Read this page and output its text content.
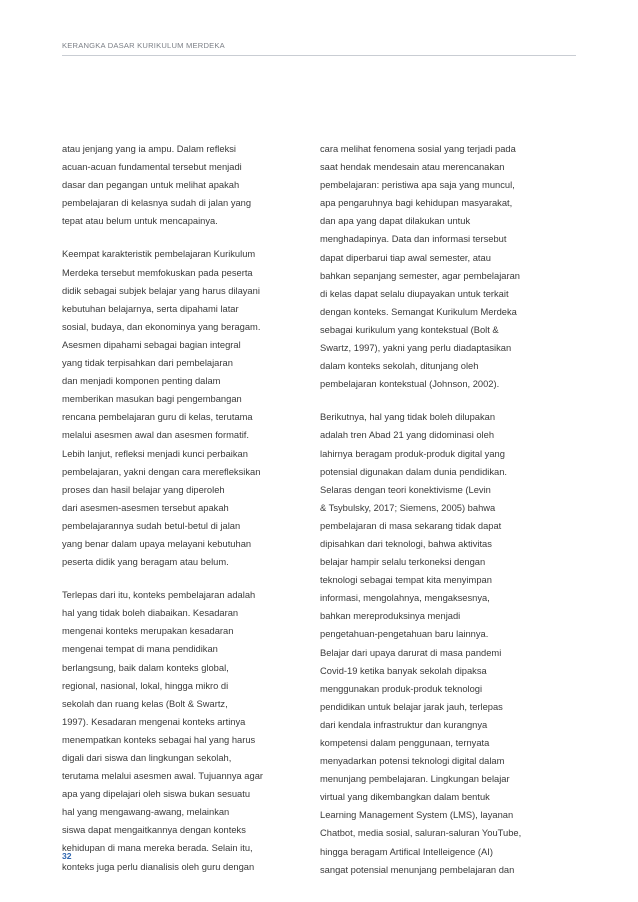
KERANGKA DASAR KURIKULUM MERDEKA
atau jenjang yang ia ampu. Dalam refleksi
acuan-acuan fundamental tersebut menjadi
dasar dan pegangan untuk melihat apakah
pembelajaran di kelasnya sudah di jalan yang
tepat atau belum untuk mencapainya.
Keempat karakteristik pembelajaran Kurikulum
Merdeka tersebut memfokuskan pada peserta
didik sebagai subjek belajar yang harus dilayani
kebutuhan belajarnya, serta dipahami latar
sosial, budaya, dan ekonominya yang beragam.
Asesmen dipahami sebagai bagian integral
yang tidak terpisahkan dari pembelajaran
dan menjadi komponen penting dalam
memberikan masukan bagi pengembangan
rencana pembelajaran guru di kelas, terutama
melalui asesmen awal dan asesmen formatif.
Lebih lanjut, refleksi menjadi kunci perbaikan
pembelajaran, yakni dengan cara merefleksikan
proses dan hasil belajar yang diperoleh
dari asesmen-asesmen tersebut apakah
pembelajarannya sudah betul-betul di jalan
yang benar dalam upaya melayani kebutuhan
peserta didik yang beragam atau belum.
Terlepas dari itu, konteks pembelajaran adalah
hal yang tidak boleh diabaikan. Kesadaran
mengenai konteks merupakan kesadaran
mengenai tempat di mana pendidikan
berlangsung, baik dalam konteks global,
regional, nasional, lokal, hingga mikro di
sekolah dan ruang kelas (Bolt & Swartz,
1997). Kesadaran mengenai konteks artinya
menempatkan konteks sebagai hal yang harus
digali dari siswa dan lingkungan sekolah,
terutama melalui asesmen awal. Tujuannya agar
apa yang dipelajari oleh siswa bukan sesuatu
hal yang mengawang-awang, melainkan
siswa dapat mengaitkannya dengan konteks
kehidupan di mana mereka berada. Selain itu,
konteks juga perlu dianalisis oleh guru dengan
cara melihat fenomena sosial yang terjadi pada
saat hendak mendesain atau merencanakan
pembelajaran: peristiwa apa saja yang muncul,
apa pengaruhnya bagi kehidupan masyarakat,
dan apa yang dapat dilakukan untuk
menghadapinya. Data dan informasi tersebut
dapat diperbarui tiap awal semester, atau
bahkan sepanjang semester, agar pembelajaran
di kelas dapat selalu diupayakan untuk terkait
dengan konteks. Semangat Kurikulum Merdeka
sebagai kurikulum yang kontekstual (Bolt &
Swartz, 1997), yakni yang perlu diadaptasikan
dalam konteks sekolah, ditunjang oleh
pembelajaran kontekstual (Johnson, 2002).
Berikutnya, hal yang tidak boleh dilupakan
adalah tren Abad 21 yang didominasi oleh
lahirnya beragam produk-produk digital yang
potensial digunakan dalam dunia pendidikan.
Selaras dengan teori konektivisme (Levin
& Tsybulsky, 2017; Siemens, 2005) bahwa
pembelajaran di masa sekarang tidak dapat
dipisahkan dari teknologi, bahwa aktivitas
belajar hampir selalu terkoneksi dengan
teknologi sebagai tempat kita menyimpan
informasi, mengolahnya, mengaksesnya,
bahkan mereproduksinya menjadi
pengetahuan-pengetahuan baru lainnya.
Belajar dari upaya darurat di masa pandemi
Covid-19 ketika banyak sekolah dipaksa
menggunakan produk-produk teknologi
pendidikan untuk belajar jarak jauh, terlepas
dari kendala infrastruktur dan kurangnya
kompetensi dalam penggunaan, ternyata
menyadarkan potensi teknologi digital dalam
menunjang pembelajaran. Lingkungan belajar
virtual yang dikembangkan dalam bentuk
Learning Management System (LMS), layanan
Chatbot, media sosial, saluran-saluran YouTube,
hingga beragam Artifical Intelleigence (AI)
sangat potensial menunjang pembelajaran dan
32
